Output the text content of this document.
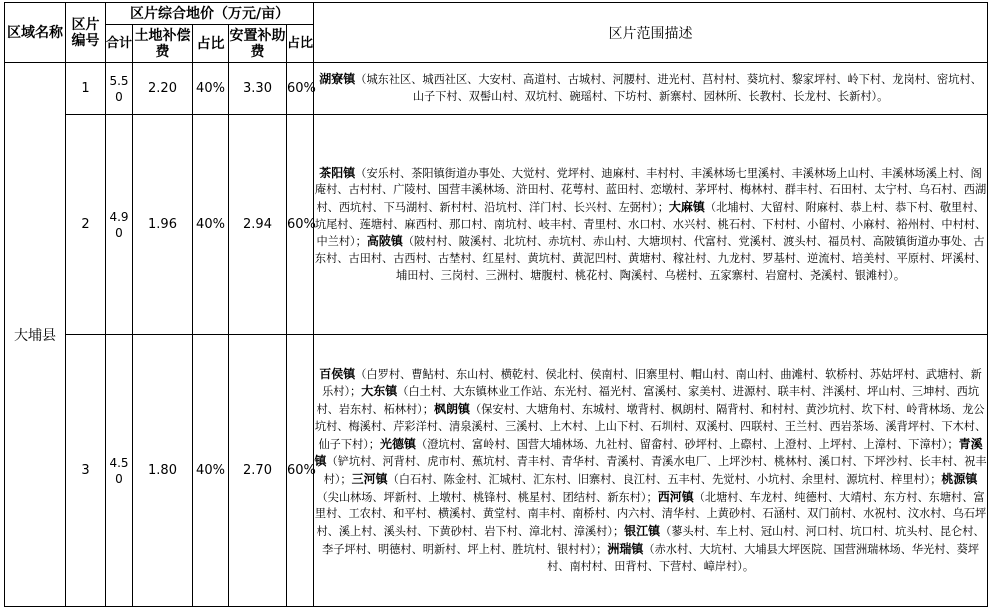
区域名称	区片编号	区片综合地价（万元/亩）					区片范围描述
		合计	土地补偿费	占比	安置补助费	占比	
大埔县	1	5.50	2.20	40%	3.30	60%	湖寮镇（城东社区、城西社区、大安村、高道村、古城村、河腰村、进光村、莒村村、葵坑村、黎家坪村、岭下村、龙岗村、密坑村、山子下村、双髻山村、双坑村、碗瑶村、下坊村、新寨村、园林所、长教村、长龙村、长新村）。
	2	4.90	1.96	40%	2.94	60%	茶阳镇（安乐村、茶阳镇街道办事处、大觉村、党坪村、迪麻村、丰村村、丰溪林场七里溪村、丰溪林场上山村、丰溪林场溪上村、阁庵村、古村村、广陵村、国营丰溪林场、浒田村、花萼村、蓝田村、恋墩村、茅坪村、梅林村、群丰村、石田村、太宁村、乌石村、西湖村、西坑村、下马湖村、新村村、沿坑村、洋门村、长兴村、左弼村）；大麻镇（北埔村、大留村、附麻村、恭上村、恭下村、敬里村、坑尾村、莲塘村、麻西村、那口村、南坑村、岐丰村、青里村、水口村、水兴村、桃石村、下村村、小留村、小麻村、裕州村、中村村、中兰村）；高陂镇（陂村村、陂溪村、北坑村、赤坑村、赤山村、大塘坝村、代富村、党溪村、渡头村、福员村、高陂镇街道办事处、古东村、古田村、古西村、古埜村、红星村、黄坑村、黄泥凹村、黄塘村、稼社村、九龙村、罗基村、逆流村、培美村、平原村、坪溪村、埔田村、三岗村、三洲村、塘腹村、桃花村、陶溪村、乌槎村、五家寨村、岩窟村、尧溪村、银滩村）。
	3	4.50	1.80	40%	2.70	60%	百侯镇（白罗村、曹鲇村、东山村、横乾村、侯北村、侯南村、旧寨里村、帽山村、南山村、曲滩村、软桥村、苏姑坪村、武塘村、新乐村）；大东镇（白土村、大东镇林业工作站、东光村、福光村、富溪村、家美村、进源村、联丰村、泮溪村、坪山村、三坤村、西坑村、岩东村、柘林村）；枫朗镇（保安村、大塘角村、东城村、墩背村、枫朗村、隔背村、和村村、黄沙坑村、坎下村、岭背林场、龙公坑村、梅溪村、芹彩洋村、清泉溪村、三溪村、上木村、上山下村、石圳村、双溪村、四联村、王兰村、西岩茶场、溪背坪村、下木村、仙子下村）；光德镇（澄坑村、富岭村、国营大埔林场、九社村、留畲村、砂坪村、上磜村、上澄村、上坪村、上漳村、下漳村）；青溪镇（铲坑村、河背村、虎市村、蕉坑村、青丰村、青华村、青溪村、青溪水电厂、上坪沙村、桃林村、溪口村、下坪沙村、长丰村、祝丰村）；三河镇（白石村、陈金村、汇城村、汇东村、旧寨村、良江村、五丰村、先觉村、小坑村、余里村、源坑村、梓里村）；桃源镇（尖山林场、坪新村、上墩村、桃锋村、桃星村、团结村、新东村）；西河镇（北塘村、车龙村、纯德村、大靖村、东方村、东塘村、富里村、工农村、和平村、横溪村、黄堂村、南丰村、南桥村、内六村、清华村、上黄砂村、石涵村、双门前村、水祝村、汶水村、乌石坪村、溪上村、溪头村、下黄砂村、岩下村、漳北村、漳溪村）；银江镇（蓼头村、车上村、冠山村、河口村、坑口村、坑头村、昆仑村、李子坪村、明德村、明新村、坪上村、胜坑村、银村村）；洲瑞镇（赤水村、大坑村、大埔县大坪医院、国营洲瑞林场、华光村、葵坪村、南村村、田背村、下营村、嶂岸村）。
